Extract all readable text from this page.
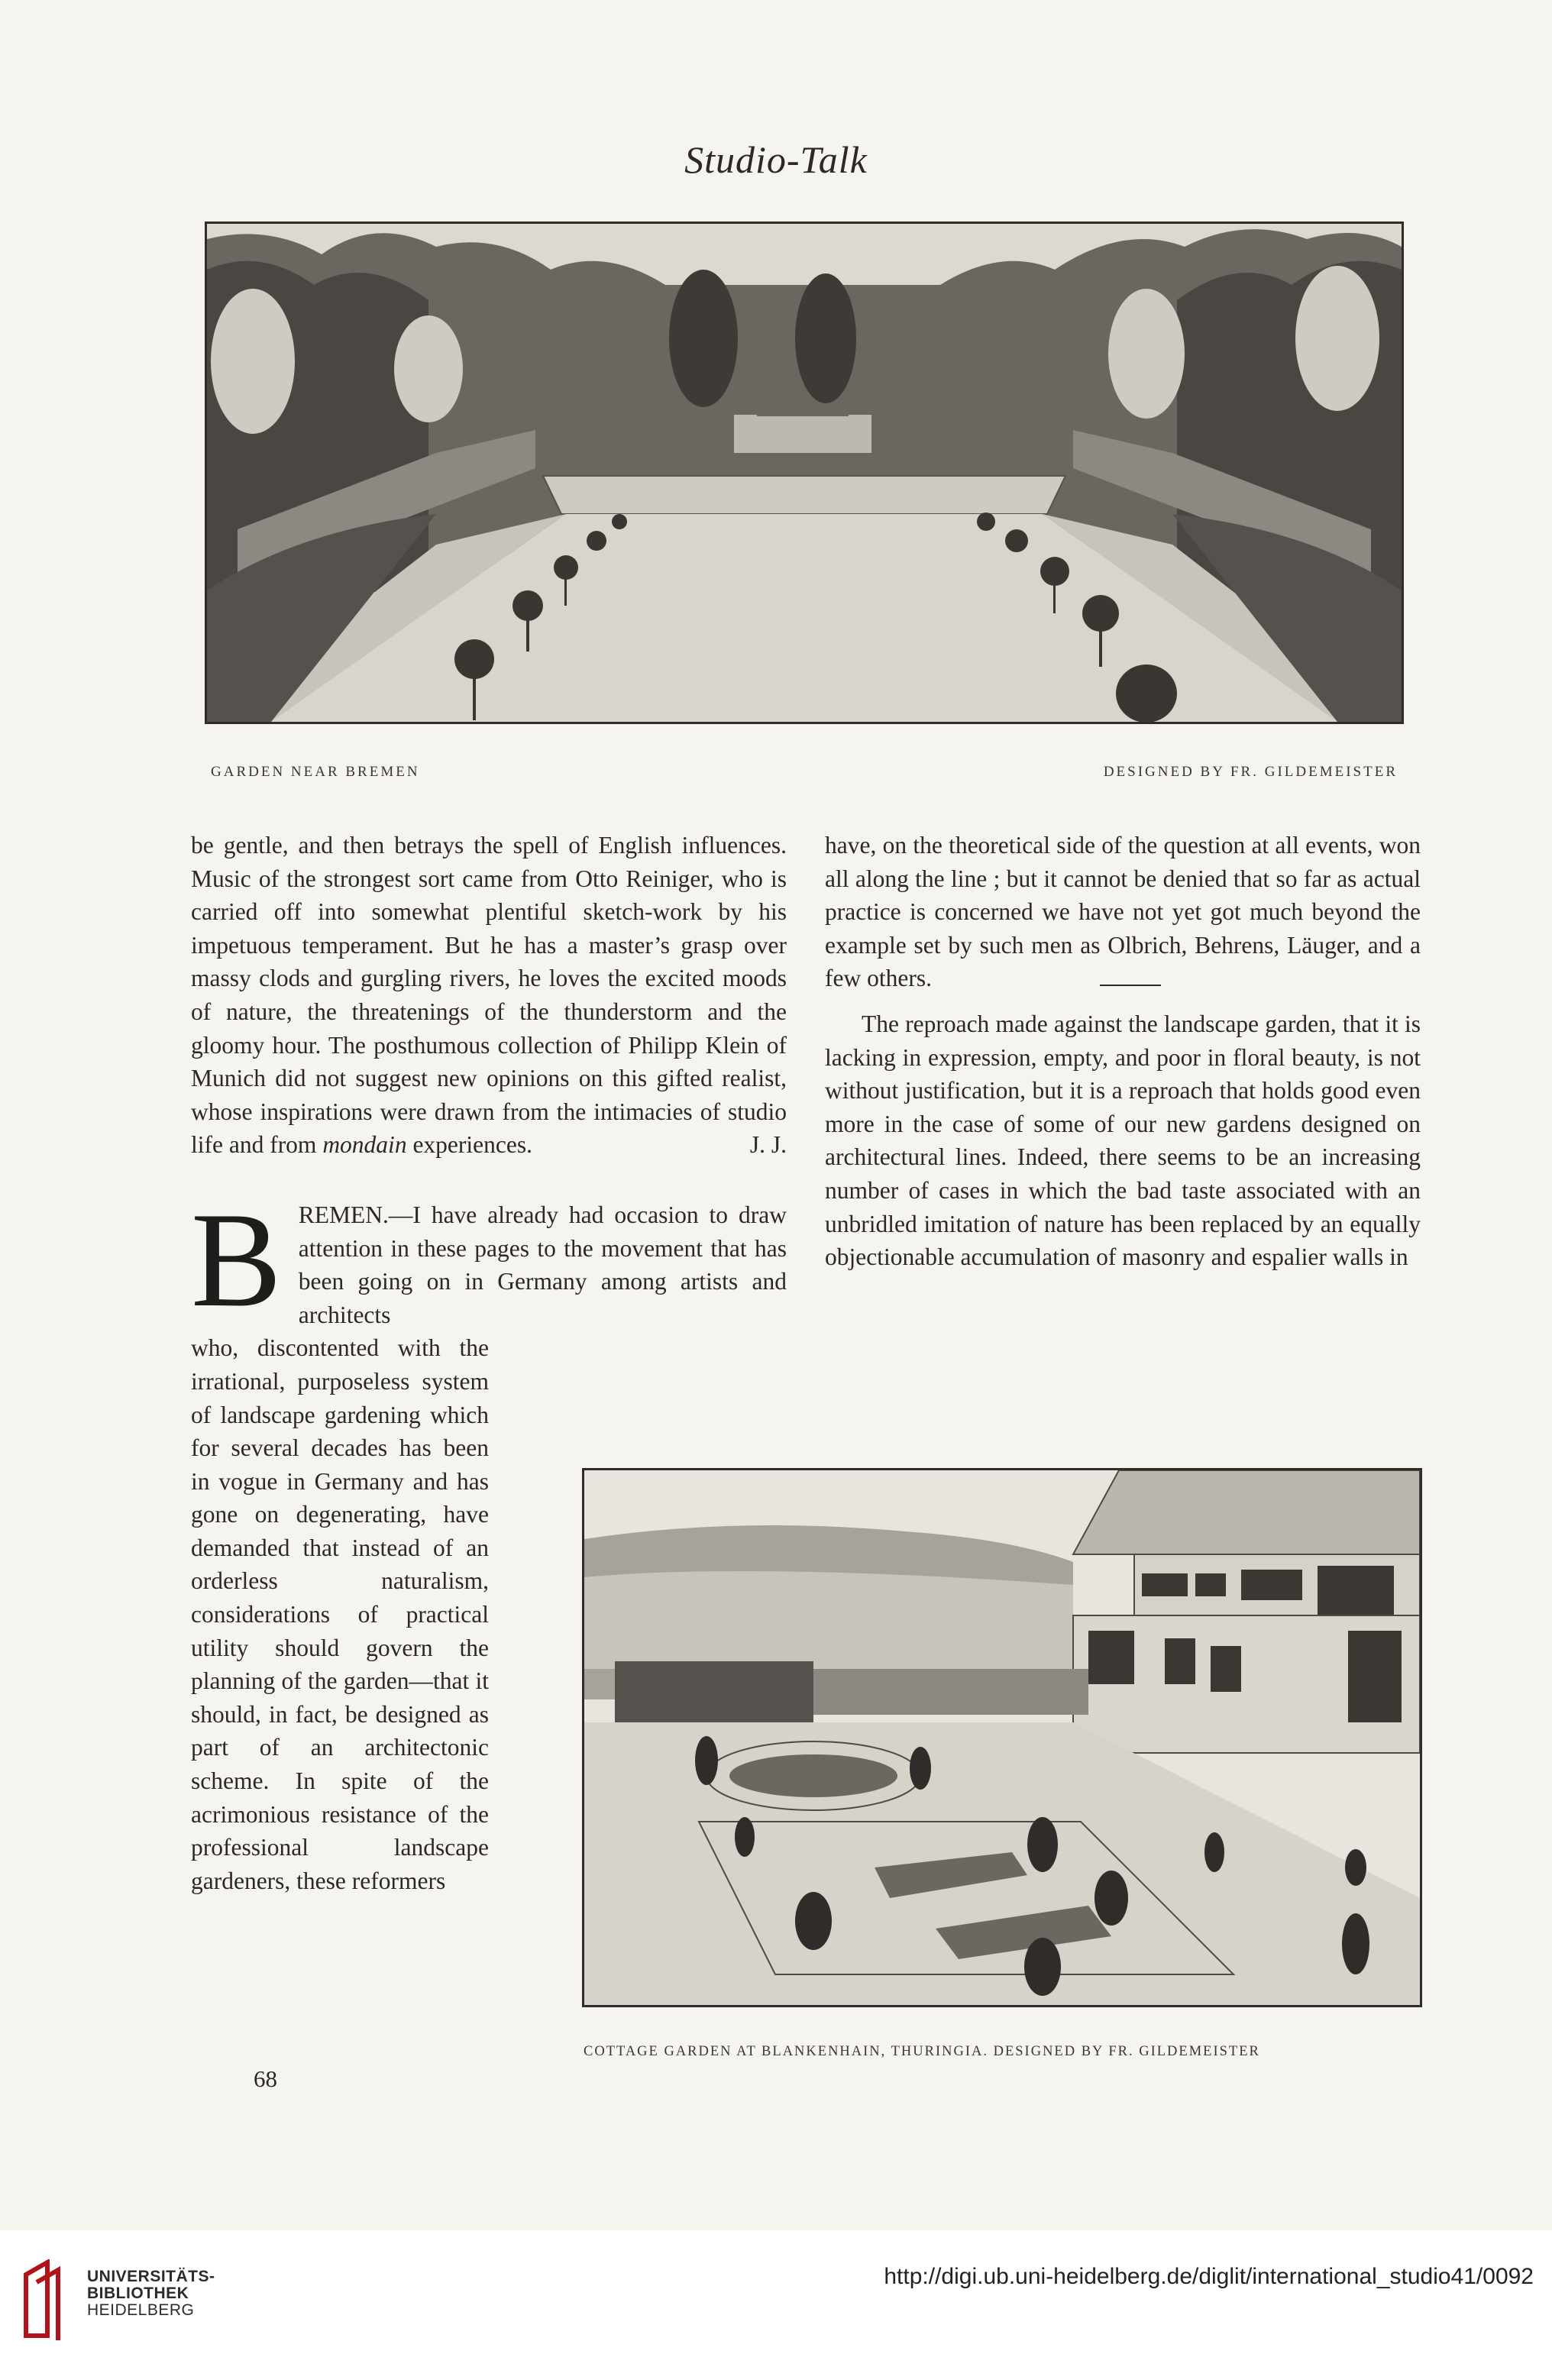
Studio-Talk
GARDEN NEAR BREMEN	DESIGNED BY FR. GILDEMEISTER

be gentle, and then betrays the spell of English influences. Music of the strongest sort came from Otto Reiniger, who is carried off into somewhat plentiful sketch-work by his impetuous temperament. But he has a master’s grasp over massy clods and gurgling rivers, he loves the excited moods of nature, the threatenings of the thunderstorm and the gloomy hour. The posthumous collection of Philipp Klein of Munich did not suggest new opinions on this gifted realist, whose inspirations were drawn from the intimacies of studio life and from mondain experiences.	J. J.

BREMEN.—I have already had occasion to draw attention in these pages to the movement that has been going on in Germany among artists and architects

who, discontented with the irrational, purposeless system of landscape gardening which for several decades has been in vogue in Germany and has gone on degenerating, have demanded that instead of an orderless naturalism, considerations of practical utility should govern the planning of the garden—that it should, in fact, be designed as part of an architectonic scheme. In spite of the acrimonious resistance of the professional landscape gardeners, these reformers

have, on the theoretical side of the question at all events, won all along the line ; but it cannot be denied that so far as actual practice is concerned we have not yet got much beyond the example set by such men as Olbrich, Behrens, Läuger, and a few others.

The reproach made against the landscape garden, that it is lacking in expression, empty, and poor in floral beauty, is not without justification, but it is a reproach that holds good even more in the case of some of our new gardens designed on architectural lines. Indeed, there seems to be an increasing number of cases in which the bad taste associated with an unbridled imitation of nature has been replaced by an equally objectionable accumulation of masonry and espalier walls in

COTTAGE GARDEN AT BLANKENHAIN, THURINGIA. DESIGNED BY FR. GILDEMEISTER
68
UNIVERSITÄTS-
BIBLIOTHEK
HEIDELBERG
http://digi.ub.uni-heidelberg.de/diglit/international_studio41/0092
